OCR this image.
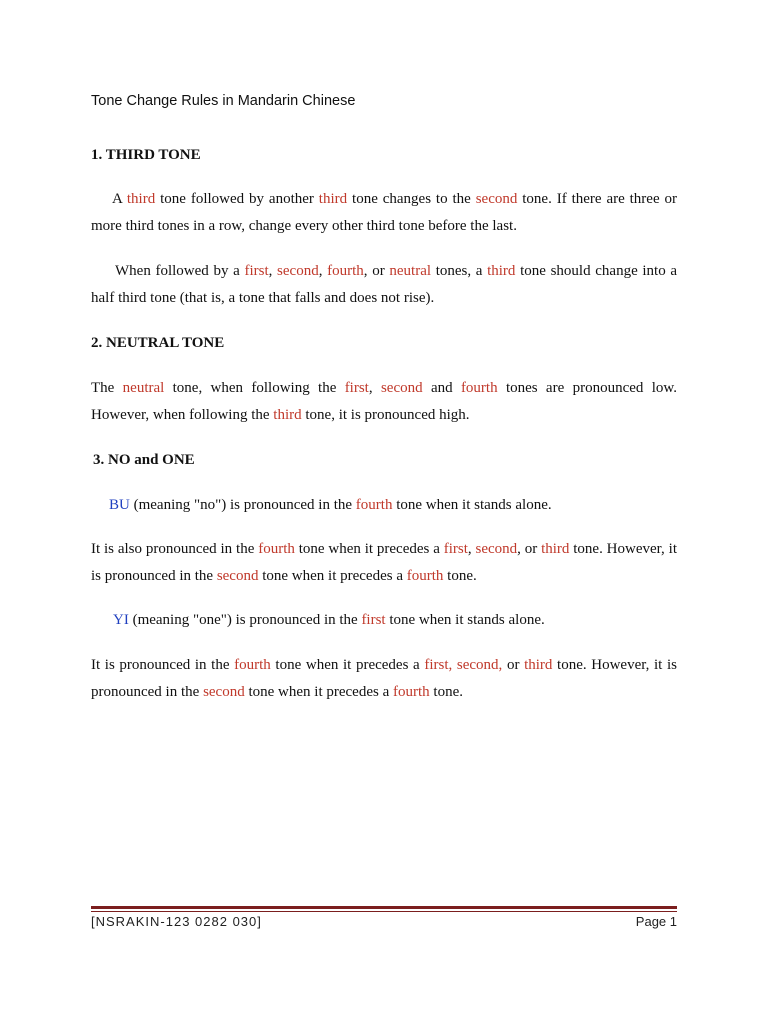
Tone Change Rules in Mandarin Chinese
1. THIRD TONE
A third tone followed by another third tone changes to the second tone. If there are three or more third tones in a row, change every other third tone before the last.
When followed by a first, second, fourth, or neutral tones, a third tone should change into a half third tone (that is, a tone that falls and does not rise).
2. NEUTRAL TONE
The neutral tone, when following the first, second and fourth tones are pronounced low. However, when following the third tone, it is pronounced high.
3. NO and ONE
BU (meaning "no") is pronounced in the fourth tone when it stands alone.
It is also pronounced in the fourth tone when it precedes a first, second, or third tone. However, it is pronounced in the second tone when it precedes a fourth tone.
YI (meaning "one") is pronounced in the first tone when it stands alone.
It is pronounced in the fourth tone when it precedes a first, second, or third tone. However, it is pronounced in the second tone when it precedes a fourth tone.
[NSRAKIN-123 0282 030]	Page 1
